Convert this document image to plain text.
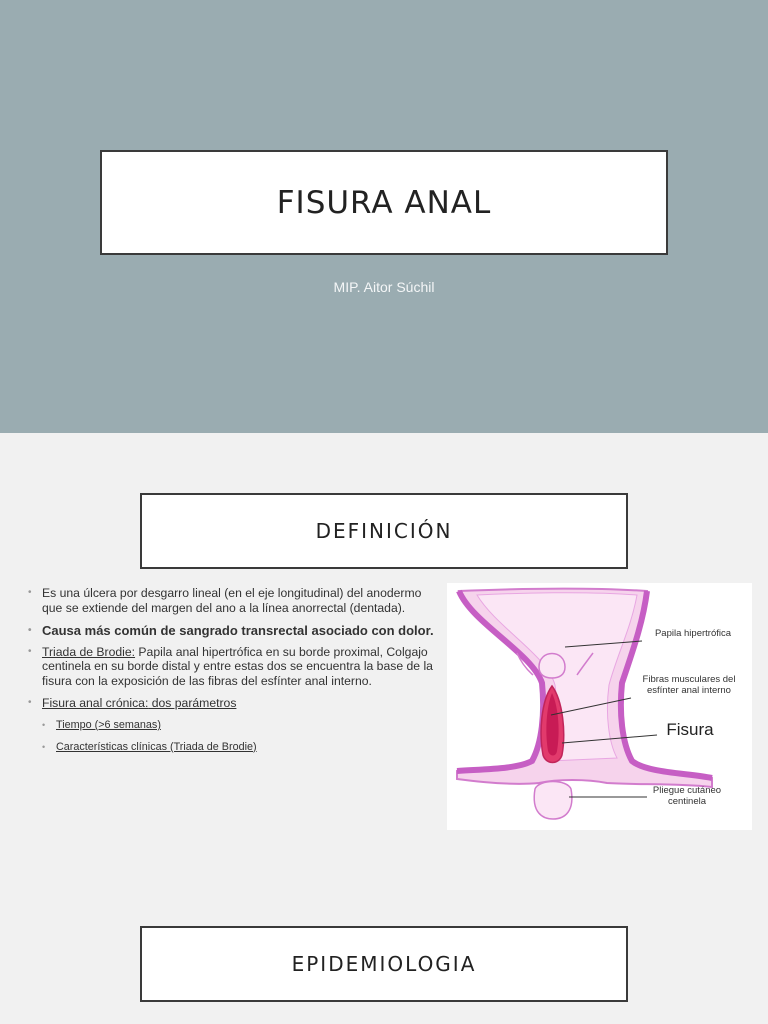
FISURA ANAL
MIP. Aitor Súchil
DEFINICIÓN
• Es una úlcera por desgarro lineal (en el eje longitudinal) del anodermo que se extiende del margen del ano a la línea anorrectal (dentada).
• Causa más común de sangrado transrectal asociado con dolor.
• Triada de Brodie: Papila anal hipertrófica en su borde proximal, Colgajo centinela en su borde distal y entre estas dos se encuentra la base de la fisura con la exposición de las fibras del esfínter anal interno.
• Fisura anal crónica: dos parámetros
• Tiempo (>6 semanas)
• Características clínicas (Triada de Brodie)
Papila hipertrófica
Fibras musculares del esfínter anal interno
Fisura
Pliegue cutáneo centinela
EPIDEMIOLOGIA
